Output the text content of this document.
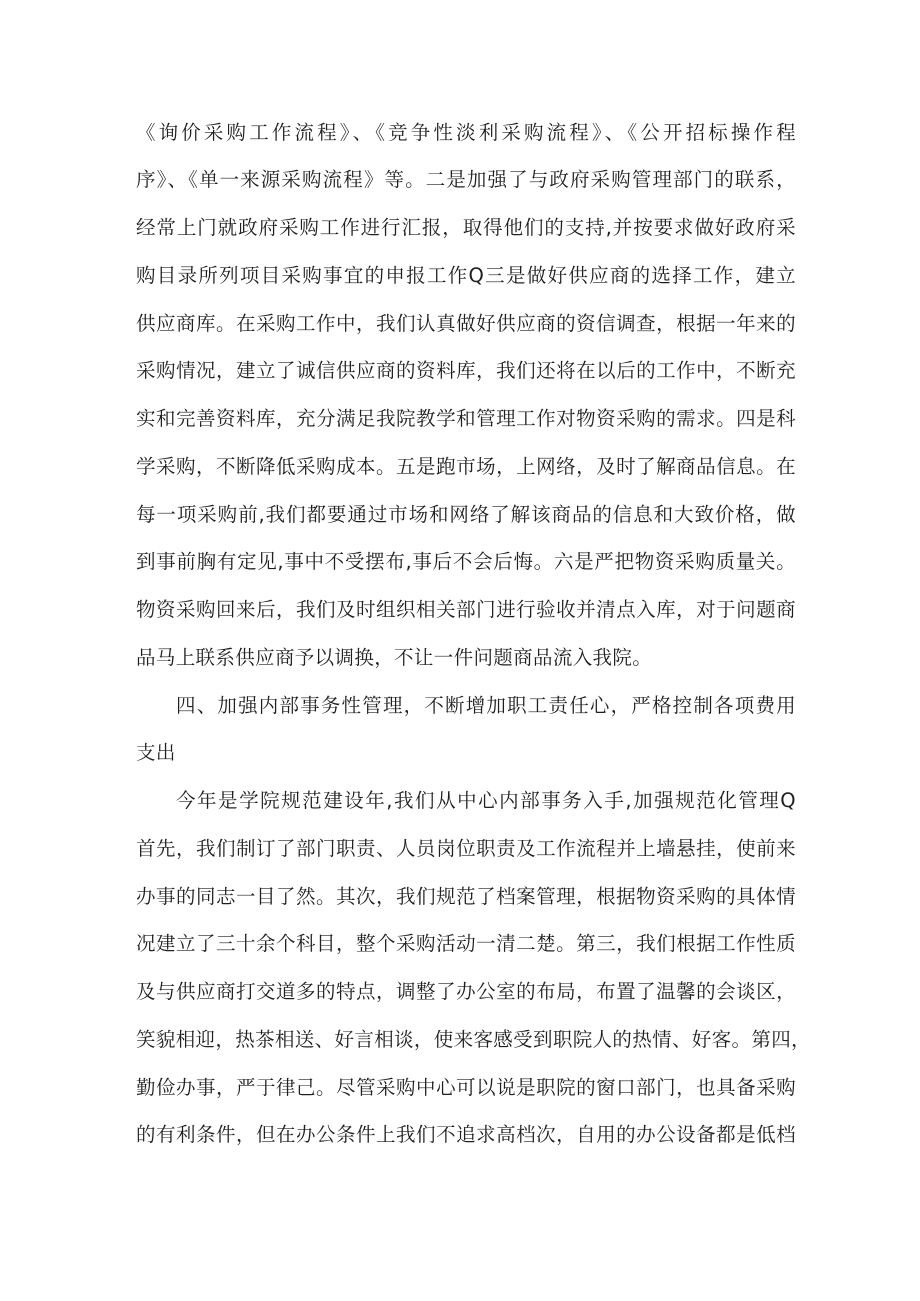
《询价采购工作流程》、《竞争性淡利采购流程》、《公开招标操作程
序》、《单一来源采购流程》等。二是加强了与政府采购管理部门的联系，
经常上门就政府采购工作进行汇报，取得他们的支持,并按要求做好政府采
购目录所列项目采购事宜的申报工作Q三是做好供应商的选择工作，建立
供应商库。在采购工作中，我们认真做好供应商的资信调查，根据一年来的
采购情况，建立了诚信供应商的资料库，我们还将在以后的工作中，不断充
实和完善资料库，充分满足我院教学和管理工作对物资采购的需求。四是科
学采购，不断降低采购成本。五是跑市场，上网络，及时了解商品信息。在
每一项采购前,我们都要通过市场和网络了解该商品的信息和大致价格，做
到事前胸有定见,事中不受摆布,事后不会后悔。六是严把物资采购质量关。
物资采购回来后，我们及时组织相关部门进行验收并清点入库，对于问题商
品马上联系供应商予以调换，不让一件问题商品流入我院。
四、加强内部事务性管理，不断增加职工责任心，严格控制各项费用
支出
今年是学院规范建设年,我们从中心内部事务入手,加强规范化管理Q
首先，我们制订了部门职责、人员岗位职责及工作流程并上墙悬挂，使前来
办事的同志一目了然。其次，我们规范了档案管理，根据物资采购的具体情
况建立了三十余个科目，整个采购活动一清二楚。第三，我们根据工作性质
及与供应商打交道多的特点，调整了办公室的布局，布置了温馨的会谈区，
笑貌相迎，热茶相送、好言相谈，使来客感受到职院人的热情、好客。第四，
勤俭办事，严于律己。尽管采购中心可以说是职院的窗口部门，也具备采购
的有利条件，但在办公条件上我们不追求高档次，自用的办公设备都是低档
